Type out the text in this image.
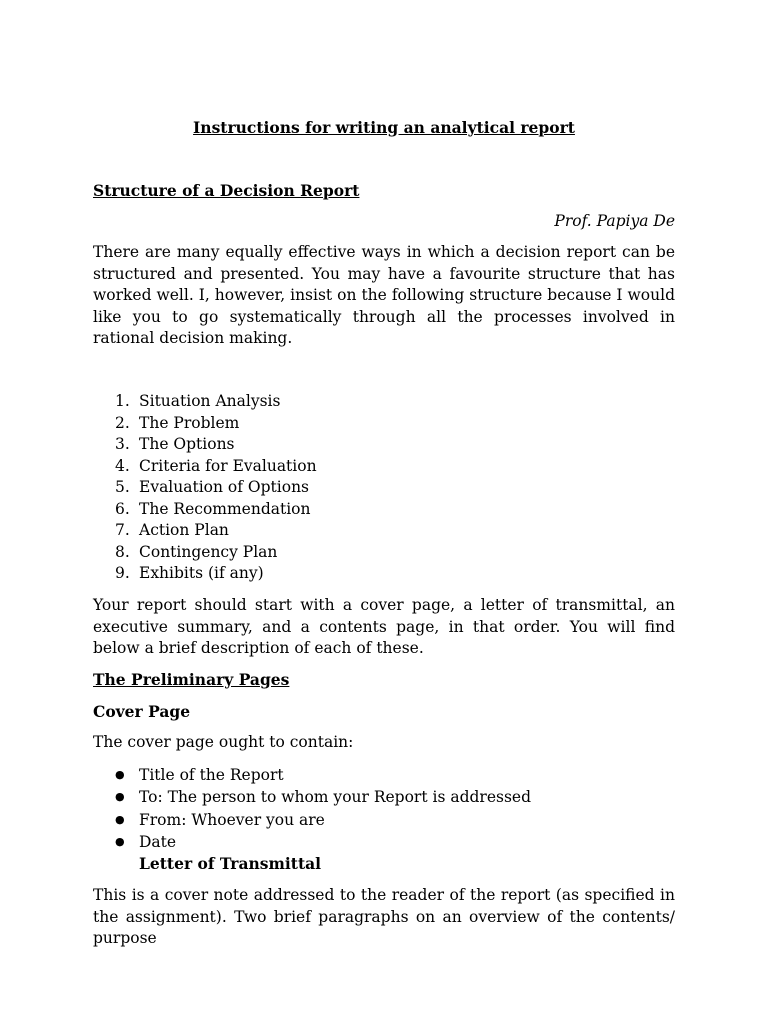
Instructions for writing an analytical report
Structure of a Decision Report

Prof. Papiya De

There are many equally effective ways in which a decision report can be structured and presented. You may have a favourite structure that has worked well. I, however, insist on the following structure because I would like you to go systematically through all the processes involved in rational decision making.

1. Situation Analysis
2. The Problem
3. The Options
4. Criteria for Evaluation
5. Evaluation of Options
6. The Recommendation
7. Action Plan
8. Contingency Plan
9. Exhibits (if any)

Your report should start with a cover page, a letter of transmittal, an executive summary, and a contents page, in that order. You will find below a brief description of each of these.

The Preliminary Pages
Cover Page

The cover page ought to contain:

● Title of the Report
● To: The person to whom your Report is addressed
● From: Whoever you are
● Date
Letter of Transmittal

This is a cover note addressed to the reader of the report (as specified in the assignment). Two brief paragraphs on an overview of the contents/ purpose
